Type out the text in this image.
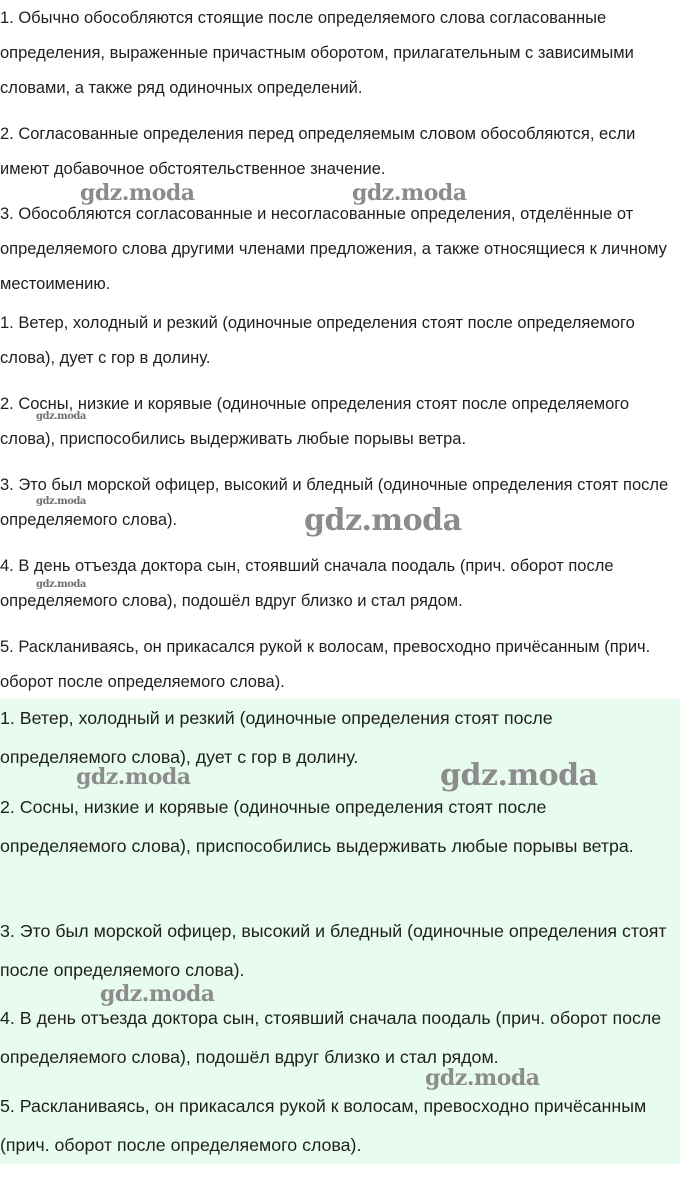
1. Обычно обособляются стоящие после определяемого слова согласованные определения, выраженные причастным оборотом, прилагательным с зависимыми словами, а также ряд одиночных определений.

2. Согласованные определения перед определяемым словом обособляются, если имеют добавочное обстоятельственное значение.

3. Обособляются согласованные и несогласованные определения, отделённые от определяемого слова другими членами предложения, а также относящиеся к личному местоимению.

1. Ветер, холодный и резкий (одиночные определения стоят после определяемого слова), дует с гор в долину.

2. Сосны, низкие и корявые (одиночные определения стоят после определяемого слова), приспособились выдерживать любые порывы ветра.

3. Это был морской офицер, высокий и бледный (одиночные определения стоят после определяемого слова).

4. В день отъезда доктора сын, стоявший сначала поодаль (прич. оборот после определяемого слова), подошёл вдруг близко и стал рядом.

5. Раскланиваясь, он прикасался рукой к волосам, превосходно причёсанным (прич. оборот после определяемого слова).

1. Ветер, холодный и резкий (одиночные определения стоят после определяемого слова), дует с гор в долину.

2. Сосны, низкие и корявые (одиночные определения стоят после определяемого слова), приспособились выдерживать любые порывы ветра.

3. Это был морской офицер, высокий и бледный (одиночные определения стоят после определяемого слова).

4. В день отъезда доктора сын, стоявший сначала поодаль (прич. оборот после определяемого слова), подошёл вдруг близко и стал рядом.

5. Раскланиваясь, он прикасался рукой к волосам, превосходно причёсанным (прич. оборот после определяемого слова).

gdz.moda	gdz.moda
gdz.moda
gdz.moda
gdz.moda
gdz.moda
gdz.moda	gdz.moda
gdz.moda
gdz.moda
